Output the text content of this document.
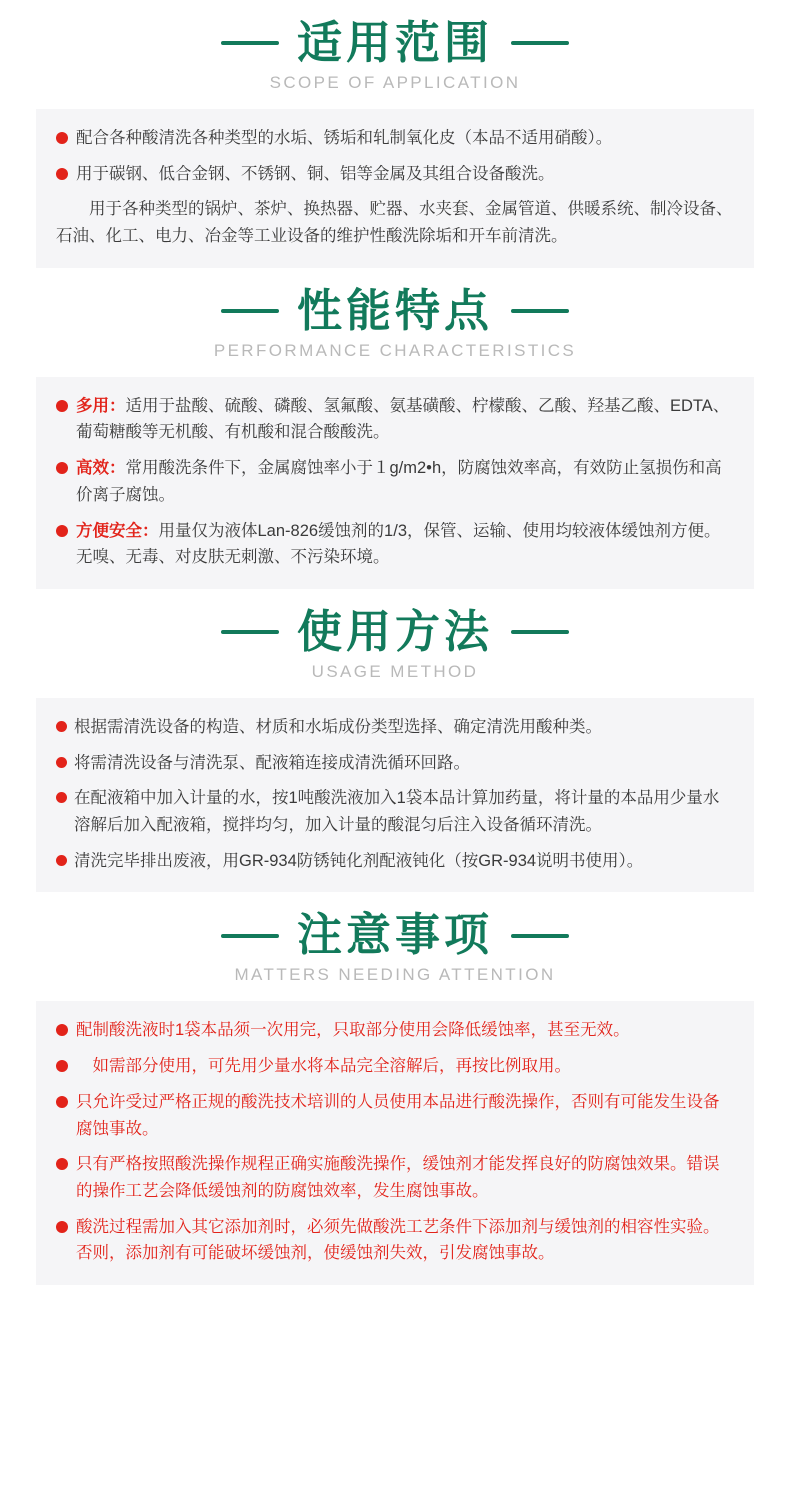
适用范围
SCOPE OF APPLICATION
配合各种酸清洗各种类型的水垢、锈垢和轧制氧化皮（本品不适用硝酸）。
用于碳钢、低合金钢、不锈钢、铜、铝等金属及其组合设备酸洗。

用于各种类型的锅炉、茶炉、换热器、贮器、水夹套、金属管道、供暖系统、制冷设备、石油、化工、电力、冶金等工业设备的维护性酸洗除垢和开车前清洗。

性能特点
PERFORMANCE CHARACTERISTICS
多用：适用于盐酸、硫酸、磷酸、氢氟酸、氨基磺酸、柠檬酸、乙酸、羟基乙酸、EDTA、葡萄糖酸等无机酸、有机酸和混合酸酸洗。
高效：常用酸洗条件下，金属腐蚀率小于１g/m2•h，防腐蚀效率高，有效防止氢损伤和高价离子腐蚀。
方便安全：用量仅为液体Lan-826缓蚀剂的1/3，保管、运输、使用均较液体缓蚀剂方便。无嗅、无毒、对皮肤无刺激、不污染环境。
使用方法
USAGE METHOD
根据需清洗设备的构造、材质和水垢成份类型选择、确定清洗用酸种类。
将需清洗设备与清洗泵、配液箱连接成清洗循环回路。
在配液箱中加入计量的水，按1吨酸洗液加入1袋本品计算加药量，将计量的本品用少量水溶解后加入配液箱，搅拌均匀，加入计量的酸混匀后注入设备循环清洗。
清洗完毕排出废液，用GR-934防锈钝化剂配液钝化（按GR-934说明书使用）。
注意事项
MATTERS NEEDING ATTENTION
配制酸洗液时1袋本品须一次用完，只取部分使用会降低缓蚀率，甚至无效。
　如需部分使用，可先用少量水将本品完全溶解后，再按比例取用。
只允许受过严格正规的酸洗技术培训的人员使用本品进行酸洗操作，否则有可能发生设备腐蚀事故。
只有严格按照酸洗操作规程正确实施酸洗操作，缓蚀剂才能发挥良好的防腐蚀效果。错误的操作工艺会降低缓蚀剂的防腐蚀效率，发生腐蚀事故。
酸洗过程需加入其它添加剂时，必须先做酸洗工艺条件下添加剂与缓蚀剂的相容性实验。否则，添加剂有可能破坏缓蚀剂，使缓蚀剂失效，引发腐蚀事故。
